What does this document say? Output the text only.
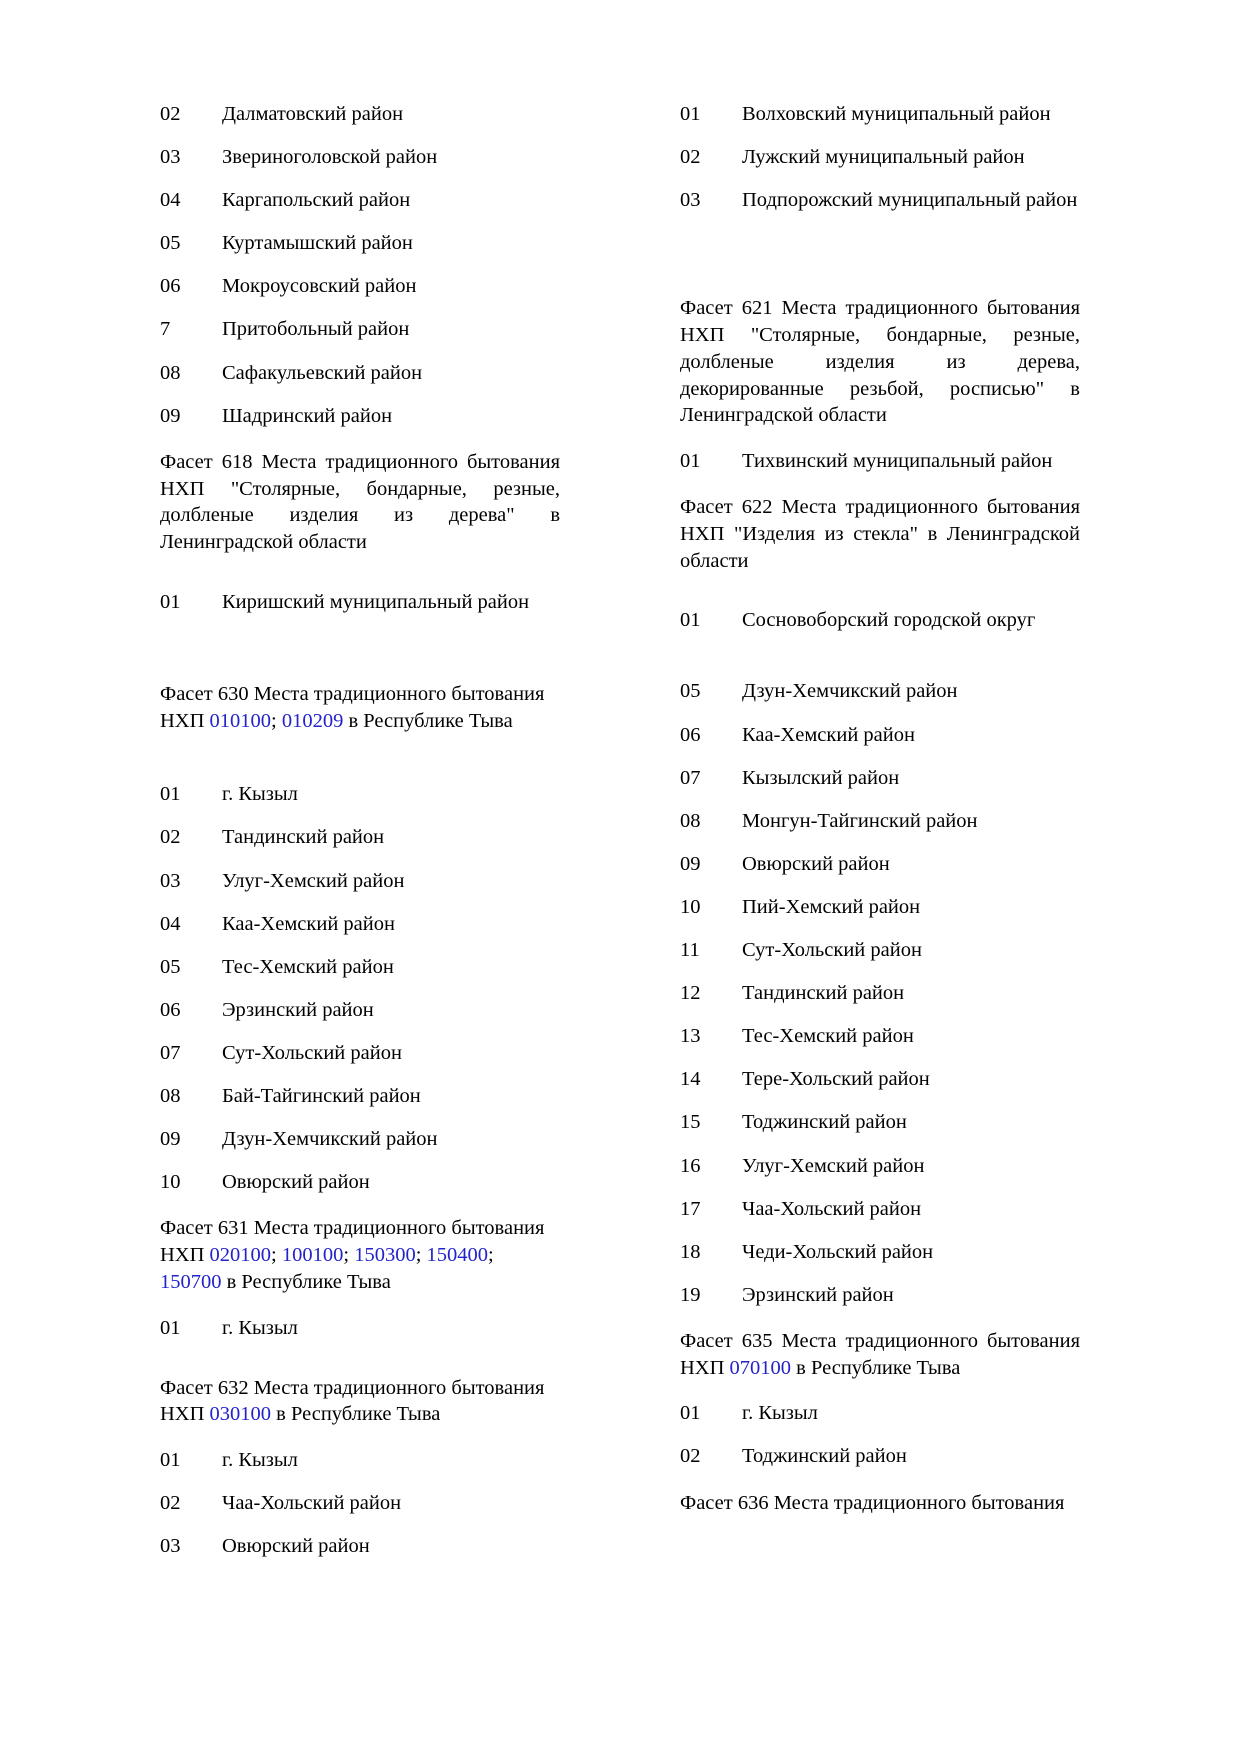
02	Далматовский район
03	Звериноголовской район
04	Каргапольский район
05	Куртамышский район
06	Мокроусовский район
7	Притобольный район
08	Сафакульевский район
09	Шадринский район

Фасет 618 Места традиционного бытования НХП "Столярные, бондарные, резные, долбленые изделия из дерева" в Ленинградской области

01	Киришский муниципальный район

Фасет 630 Места традиционного бытования НХП 010100; 010209 в Республике Тыва

01	г. Кызыл
02	Тандинский район
03	Улуг-Хемский район
04	Каа-Хемский район
05	Тес-Хемский район
06	Эрзинский район
07	Сут-Хольский район
08	Бай-Тайгинский район
09	Дзун-Хемчикский район
10	Овюрский район

Фасет 631 Места традиционного бытования НХП 020100; 100100; 150300; 150400; 150700 в Республике Тыва

01	г. Кызыл

Фасет 632 Места традиционного бытования НХП 030100 в Республике Тыва

01	г. Кызыл
02	Чаа-Хольский район
03	Овюрский район
01	Волховский муниципальный район
02	Лужский муниципальный район
03	Подпорожский муниципальный район

Фасет 621 Места традиционного бытования НХП "Столярные, бондарные, резные, долбленые изделия из дерева, декорированные резьбой, росписью" в Ленинградской области

01	Тихвинский муниципальный район

Фасет 622 Места традиционного бытования НХП "Изделия из стекла" в Ленинградской области

01	Сосновоборский городской округ
05	Дзун-Хемчикский район
06	Каа-Хемский район
07	Кызылский район
08	Монгун-Тайгинский район
09	Овюрский район
10	Пий-Хемский район
11	Сут-Хольский район
12	Тандинский район
13	Тес-Хемский район
14	Тере-Хольский район
15	Тоджинский район
16	Улуг-Хемский район
17	Чаа-Хольский район
18	Чеди-Хольский район
19	Эрзинский район

Фасет 635 Места традиционного бытования НХП 070100 в Республике Тыва

01	г. Кызыл
02	Тоджинский район

Фасет 636 Места традиционного бытования
